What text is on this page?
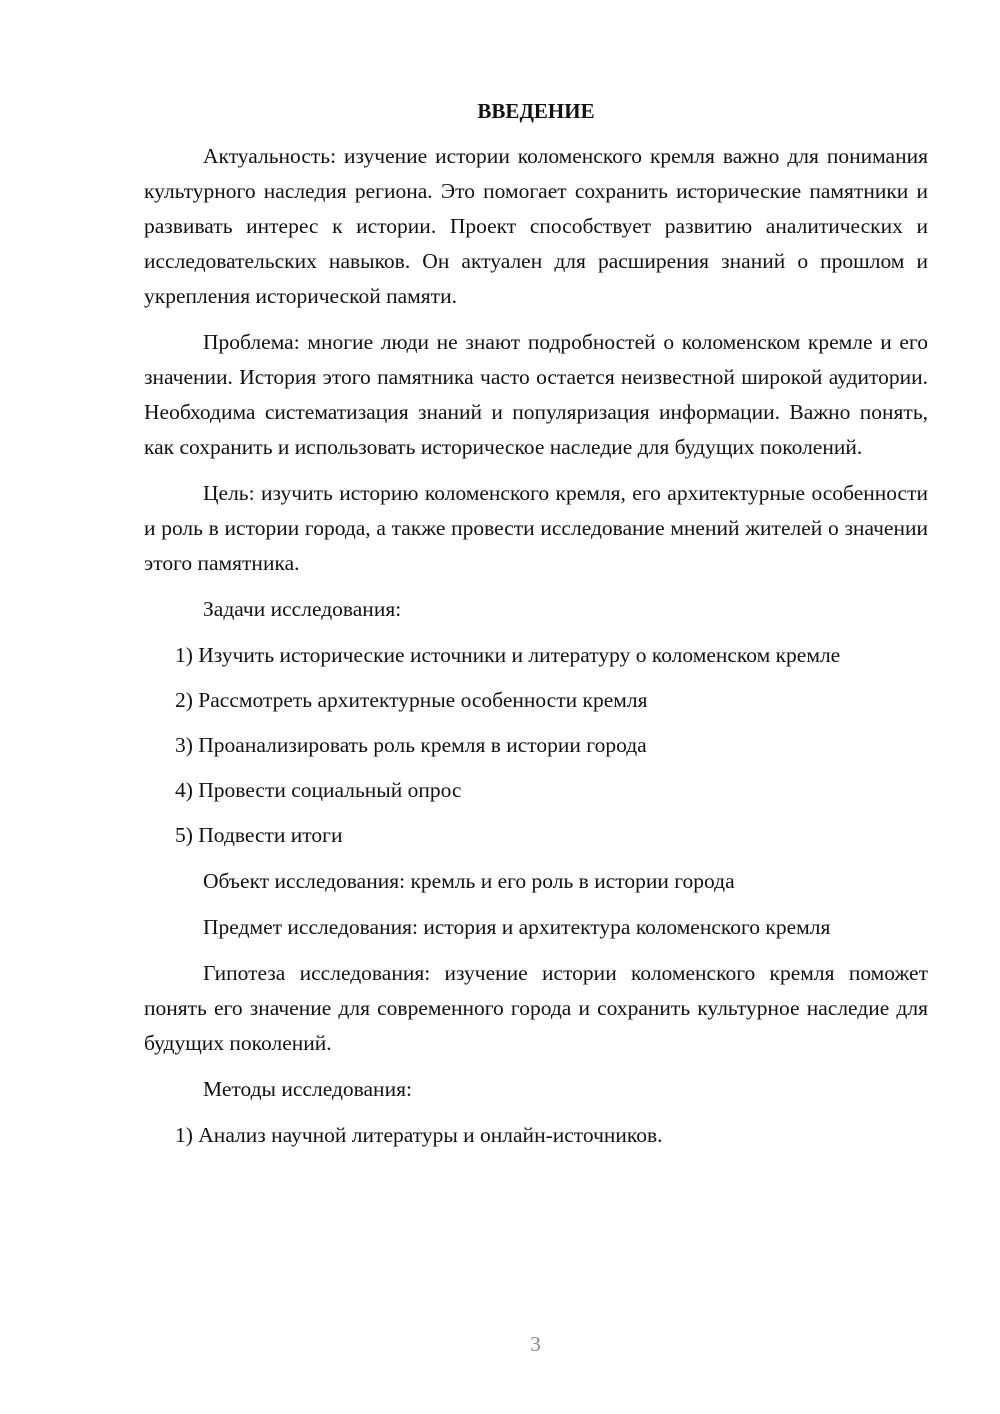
ВВЕДЕНИЕ

Актуальность: изучение истории коломенского кремля важно для понимания культурного наследия региона. Это помогает сохранить исторические памятники и развивать интерес к истории. Проект способствует развитию аналитических и исследовательских навыков. Он актуален для расширения знаний о прошлом и укрепления исторической памяти.

Проблема: многие люди не знают подробностей о коломенском кремле и его значении. История этого памятника часто остается неизвестной широкой аудитории. Необходима систематизация знаний и популяризация информации. Важно понять, как сохранить и использовать историческое наследие для будущих поколений.

Цель: изучить историю коломенского кремля, его архитектурные особенности и роль в истории города, а также провести исследование мнений жителей о значении этого памятника.

Задачи исследования:

1) Изучить исторические источники и литературу о коломенском кремле

2) Рассмотреть архитектурные особенности кремля

3) Проанализировать роль кремля в истории города

4) Провести социальный опрос

5) Подвести итоги

Объект исследования: кремль и его роль в истории города

Предмет исследования: история и архитектура коломенского кремля

Гипотеза исследования: изучение истории коломенского кремля поможет понять его значение для современного города и сохранить культурное наследие для будущих поколений.

Методы исследования:

1) Анализ научной литературы и онлайн-источников.

3
